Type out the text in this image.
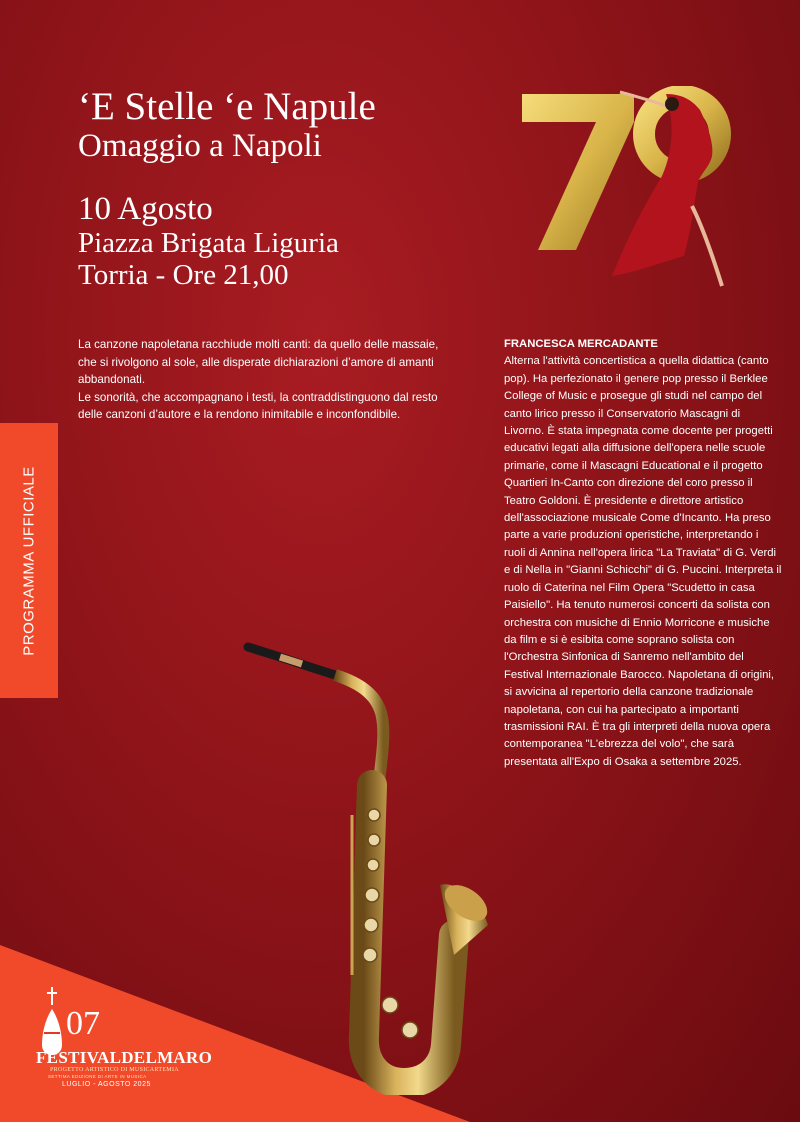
‘E Stelle ‘e Napule
Omaggio a Napoli
10 Agosto
Piazza Brigata Liguria
Torria - Ore 21,00

La canzone napoletana racchiude molti canti: da quello delle massaie, che si rivolgono al sole, alle disperate dichiarazioni d’amore di amanti abbandonati.

Le sonorità, che accompagnano i testi, la contraddistinguono dal resto delle canzoni d’autore e la rendono inimitabile e inconfondibile.

FRANCESCA MERCADANTE
Alterna l'attività concertistica a quella didattica (canto pop). Ha perfezionato il genere pop presso il Berklee College of Music e prosegue gli studi nel campo del canto lirico presso il Conservatorio Mascagni di Livorno. È stata impegnata come docente per progetti educativi legati alla diffusione dell'opera nelle scuole primarie, come il Mascagni Educational e il progetto Quartieri In-Canto con direzione del coro presso il Teatro Goldoni. È presidente e direttore artistico dell'associazione musicale Come d'Incanto. Ha preso parte a varie produzioni operistiche, interpretando i ruoli di Annina nell'opera lirica "La Traviata" di G. Verdi e di Nella in "Gianni Schicchi" di G. Puccini. Interpreta il ruolo di Caterina nel Film Opera "Scudetto in casa Paisiello". Ha tenuto numerosi concerti da solista con orchestra con musiche di Ennio Morricone e musiche da film e si è esibita come soprano solista con l'Orchestra Sinfonica di Sanremo nell'ambito del Festival Internazionale Barocco. Napoletana di origini, si avvicina al repertorio della canzone tradizionale napoletana, con cui ha partecipato a importanti trasmissioni RAI. È tra gli interpreti della nuova opera contemporanea "L'ebrezza del volo", che sarà presentata all'Expo di Osaka a settembre 2025.
PROGRAMMA UFFICIALE
07
FESTIVALDELMARO
PROGETTO ARTISTICO DI MUSICARTEMIA
SETTIMA EDIZIONE DI ARTE IN MUSICA
LUGLIO - AGOSTO 2025
